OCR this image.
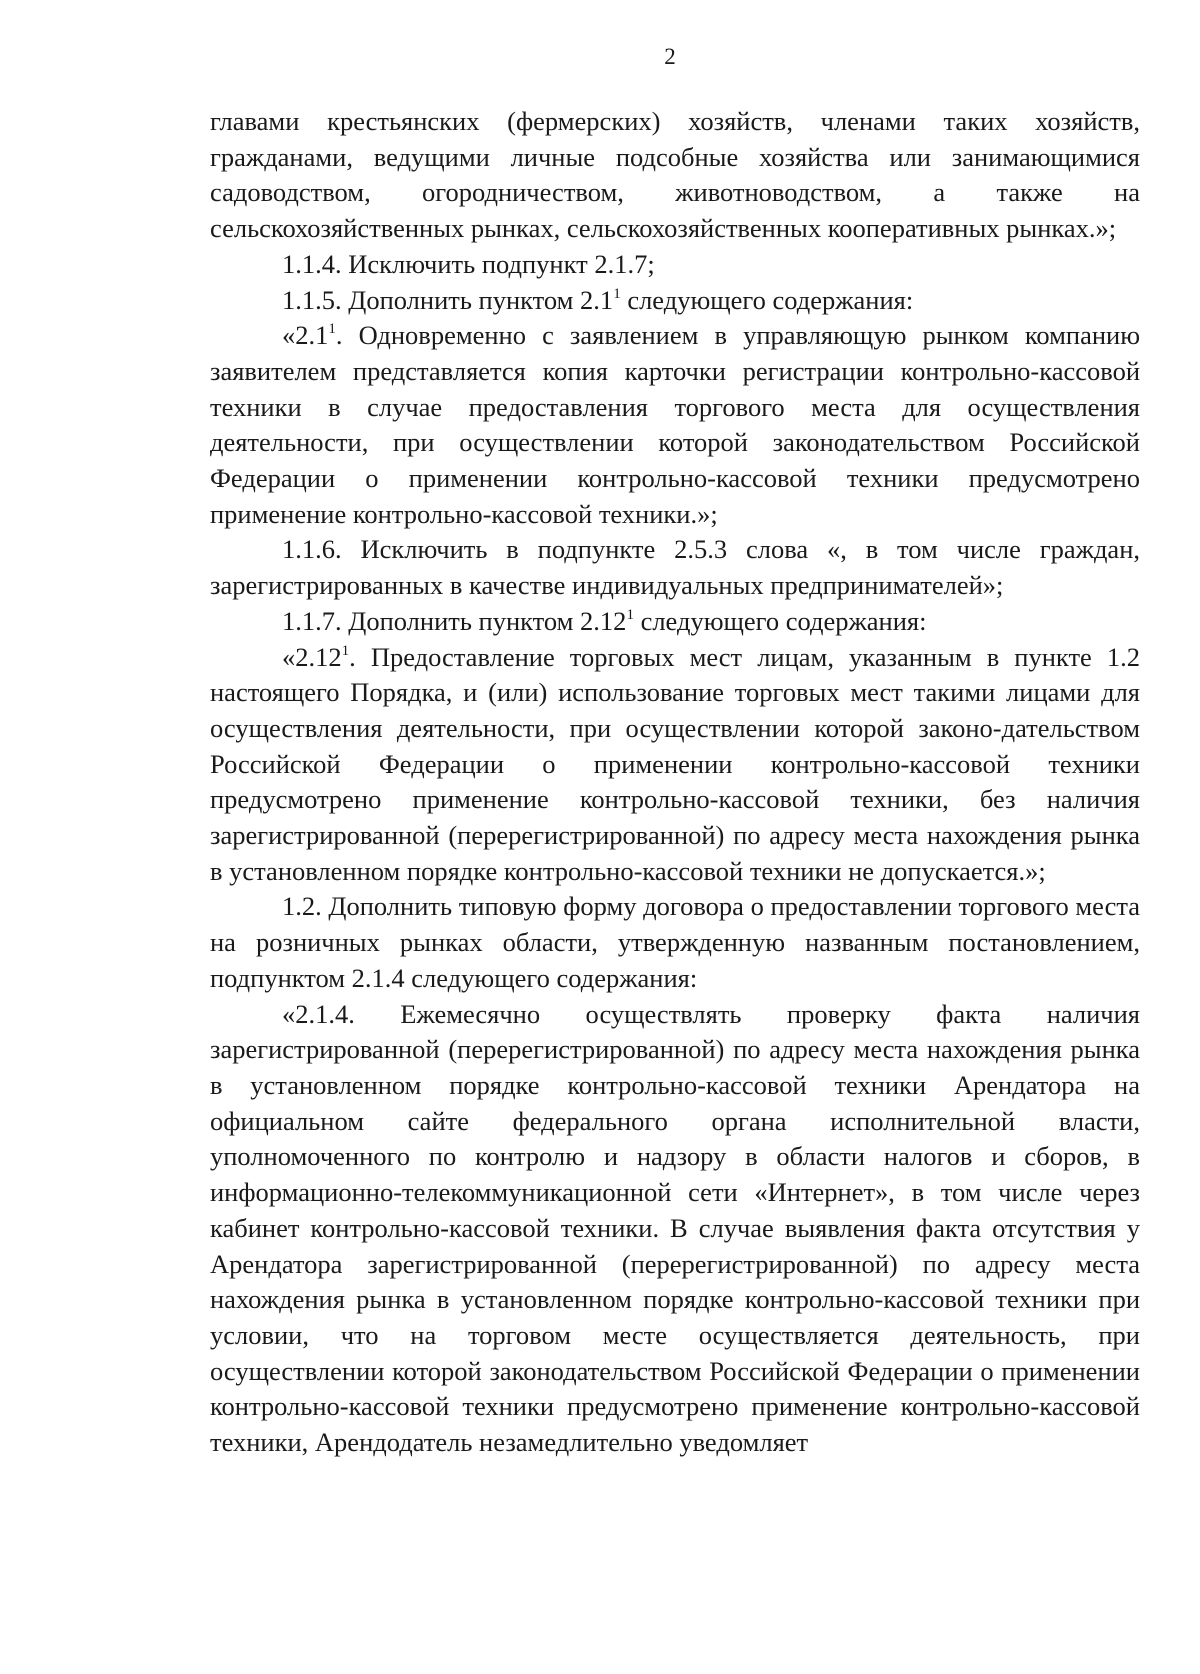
2

главами крестьянских (фермерских) хозяйств, членами таких хозяйств, гражданами, ведущими личные подсобные хозяйства или занимающимися садоводством, огородничеством, животноводством, а также на сельскохозяйственных рынках, сельскохозяйственных кооперативных рынках.»;

1.1.4. Исключить подпункт 2.1.7;

1.1.5. Дополнить пунктом $2.1^1$ следующего содержания:

«$2.1^1$. Одновременно с заявлением в управляющую рынком компанию заявителем представляется копия карточки регистрации контрольно-кассовой техники в случае предоставления торгового места для осуществления деятельности, при осуществлении которой законодательством Российской Федерации о применении контрольно-кассовой техники предусмотрено применение контрольно-кассовой техники.»;

1.1.6. Исключить в подпункте 2.5.3 слова «, в том числе граждан, зарегистрированных в качестве индивидуальных предпринимателей»;

1.1.7. Дополнить пунктом 2.12$^1$ следующего содержания:

«2.12$^1$. Предоставление торговых мест лицам, указанным в пункте 1.2 настоящего Порядка, и (или) использование торговых мест такими лицами для осуществления деятельности, при осуществлении которой законо-дательством Российской Федерации о применении контрольно-кассовой техники предусмотрено применение контрольно-кассовой техники, без наличия зарегистрированной (перерегистрированной) по адресу места нахождения рынка в установленном порядке контрольно-кассовой техники не допускается.»;

1.2. Дополнить типовую форму договора о предоставлении торгового места на розничных рынках области, утвержденную названным постановлением, подпунктом 2.1.4 следующего содержания:

«2.1.4. Ежемесячно осуществлять проверку факта наличия зарегистрированной (перерегистрированной) по адресу места нахождения рынка в установленном порядке контрольно-кассовой техники Арендатора на официальном сайте федерального органа исполнительной власти, уполномоченного по контролю и надзору в области налогов и сборов, в информационно-телекоммуникационной сети «Интернет», в том числе через кабинет контрольно-кассовой техники. В случае выявления факта отсутствия у Арендатора зарегистрированной (перерегистрированной) по адресу места нахождения рынка в установленном порядке контрольно-кассовой техники при условии, что на торговом месте осуществляется деятельность, при осуществлении которой законодательством Российской Федерации о применении контрольно-кассовой техники предусмотрено применение контрольно-кассовой техники, Арендодатель незамедлительно уведомляет
